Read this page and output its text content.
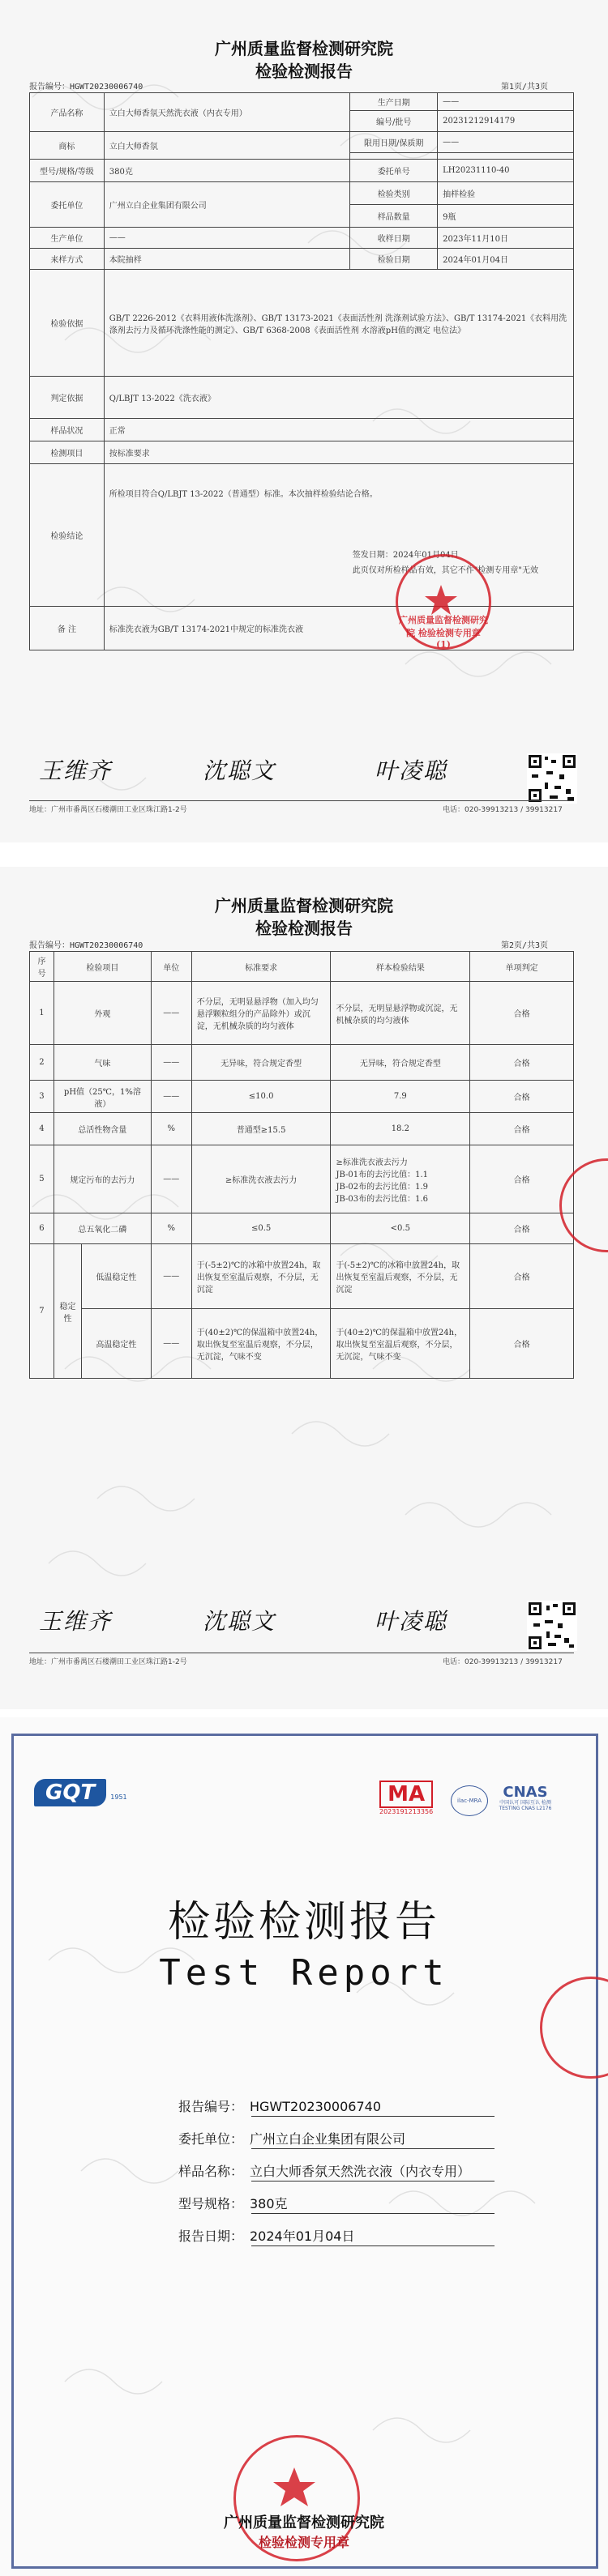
广州质量监督检测研究院
检验检测报告
报告编号：HGWT20230006740	第1页/共3页
产品名称	立白大师香氛天然洗衣液（内衣专用）	生产日期	——
		编号/批号	20231212914179
商标	立白大师香氛	限用日期/保质期	——

型号/规格/等级	380克	委托单号	LH20231110-40
委托单位	广州立白企业集团有限公司	检验类别	抽样检验
		样品数量	9瓶
生产单位	——	收样日期	2023年11月10日
来样方式	本院抽样	检验日期	2024年01月04日
检验依据	GB/T 2226-2012《衣料用液体洗涤剂》、GB/T 13173-2021《表面活性剂 洗涤剂试验方法》、GB/T 13174-2021《衣料用洗涤剂去污力及循环洗涤性能的测定》、GB/T 6368-2008《表面活性剂 水溶液pH值的测定 电位法》		
判定依据	Q/LBJT 13-2022《洗衣液》		
样品状况	正常		
检测项目	按标准要求		
检验结论	所检项目符合Q/LBJT 13-2022（普通型）标准。本次抽样检验结论合格。
签发日期：2024年01月04日
此页仅对所检样品有效，其它不作"检测专用章"无效		

备 注	标准洗衣液为GB/T 13174-2021中规定的标准洗衣液		
广州质量监督检测研究院 检验检测专用章 (1)
王维齐	沈聪文	叶凌聪
地址：广州市番禺区石楼潮田工业区珠江路1-2号	电话：020-39913213 / 39913217
广州质量监督检测研究院
检验检测报告
报告编号：HGWT20230006740	第2页/共3页
序号	检验项目		单位	标准要求	样本检验结果	单项判定
1	外观		——	不分层，无明显悬浮物（加入均匀悬浮颗粒组分的产品除外）或沉淀，无机械杂质的均匀液体	不分层，无明显悬浮物或沉淀，无机械杂质的均匀液体	合格
2	气味		——	无异味，符合规定香型	无异味，符合规定香型	合格
3	pH值（25℃，1%溶液）		——	≤10.0	7.9	合格
4	总活性物含量		%	普通型≥15.5	18.2	合格
5	规定污布的去污力		——	≥标准洗衣液去污力	≥标准洗衣液去污力
JB-01布的去污比值：1.1
JB-02布的去污比值：1.9
JB-03布的去污比值：1.6	合格
6	总五氧化二磷		%	≤0.5	<0.5	合格
7	稳定性	低温稳定性	——	于(-5±2)℃的冰箱中放置24h，取出恢复至室温后观察，不分层，无沉淀	于(-5±2)℃的冰箱中放置24h，取出恢复至室温后观察，不分层，无沉淀	合格
		高温稳定性	——	于(40±2)℃的保温箱中放置24h，取出恢复至室温后观察，不分层，无沉淀，气味不变	于(40±2)℃的保温箱中放置24h，取出恢复至室温后观察，不分层，无沉淀，气味不变	合格
王维齐	沈聪文	叶凌聪
地址：广州市番禺区石楼潮田工业区珠江路1-2号	电话：020-39913213 / 39913217
GQT 1951	MA
2023191213356
ilac-MRA	CNAS
中国认可 国际互认 检测 TESTING CNAS L2176
检验检测报告
Test Report
报告编号： HGWT20230006740
委托单位： 广州立白企业集团有限公司
样品名称： 立白大师香氛天然洗衣液（内衣专用）
型号规格： 380克
报告日期： 2024年01月04日
广州质量监督检测研究院
检验检测专用章
